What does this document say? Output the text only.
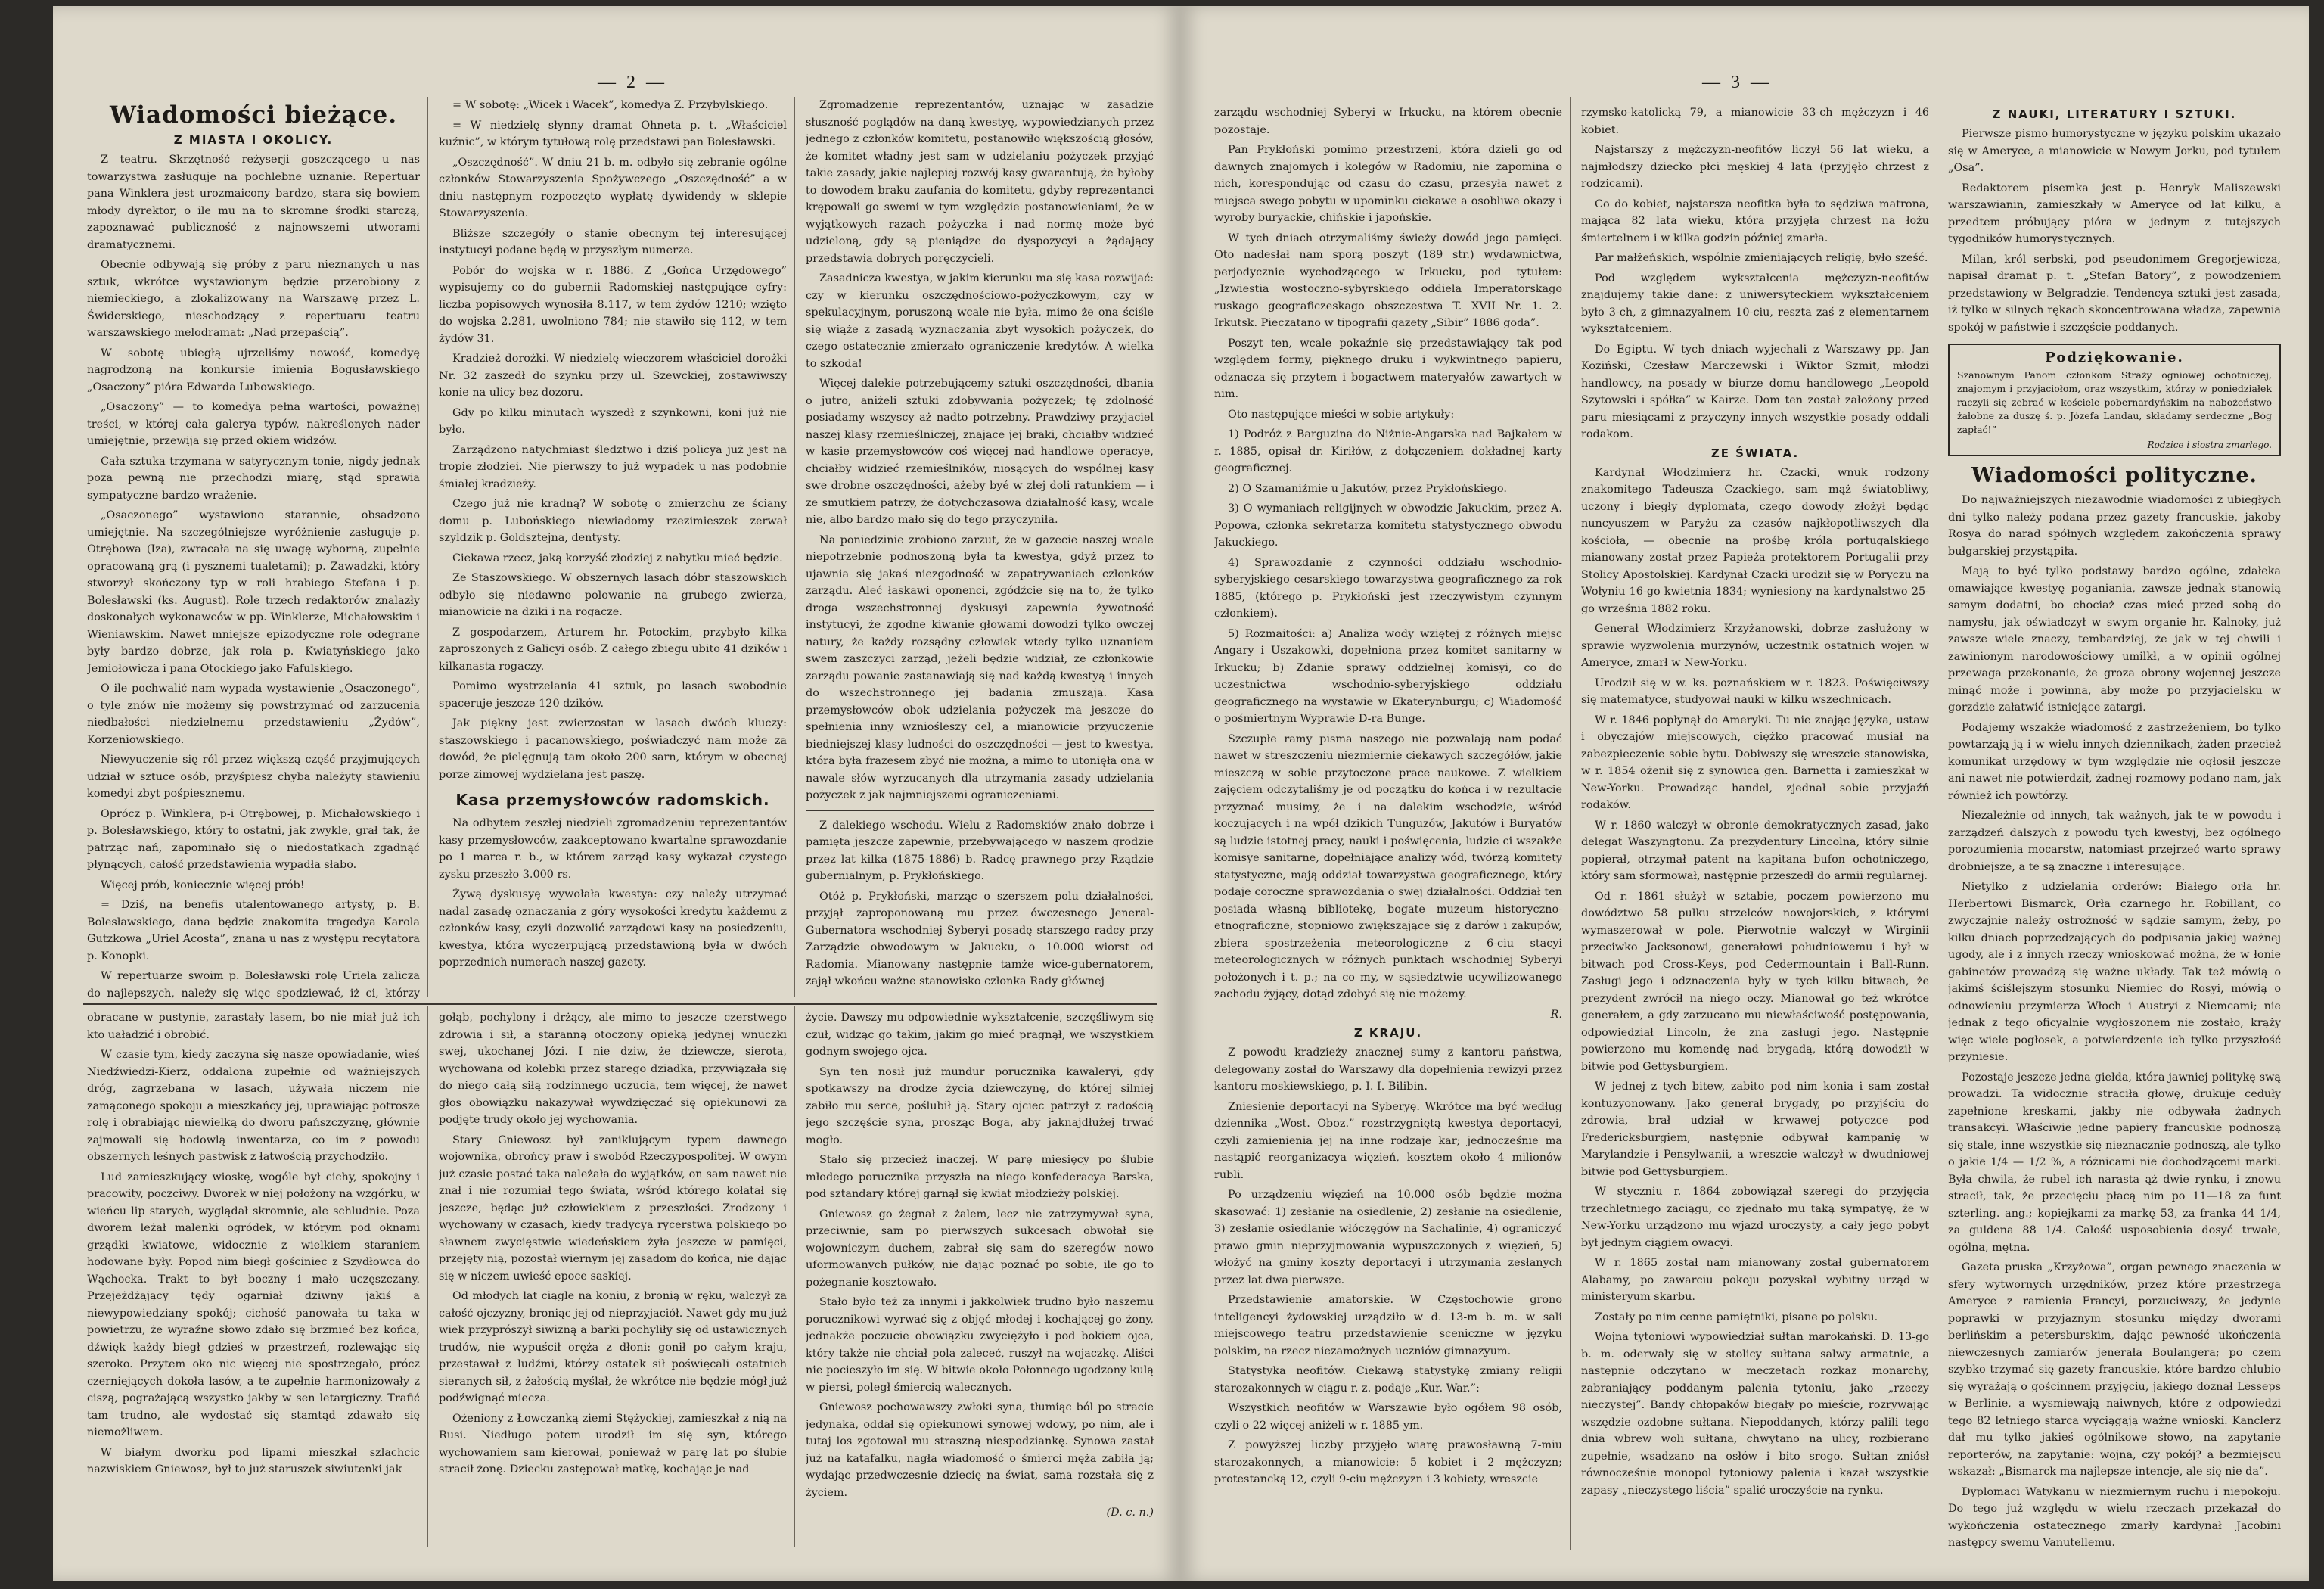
— 2 —
Wiadomości bieżące.
Z MIASTA I OKOLICY.

Z teatru. Skrzętność reżyserji goszczącego u nas towarzystwa zasługuje na pochlebne uznanie. Repertuar pana Winklera jest urozmaicony bardzo, stara się bowiem młody dyrektor, o ile mu na to skromne środki starczą, zapoznawać publiczność z najnowszemi utworami dramatycznemi.

Obecnie odbywają się próby z paru nieznanych u nas sztuk, wkrótce wystawionym będzie przerobiony z niemieckiego, a zlokalizowany na Warszawę przez L. Świderskiego, nieschodzący z repertuaru teatru warszawskiego melodramat: „Nad przepaścią”.

W sobotę ubiegłą ujrzeliśmy nowość, komedyę nagrodzoną na konkursie imienia Bogusławskiego „Osaczony” pióra Edwarda Lubowskiego.

„Osaczony” — to komedya pełna wartości, poważnej treści, w której cała galerya typów, nakreślonych nader umiejętnie, przewija się przed okiem widzów.

Cała sztuka trzymana w satyrycznym tonie, nigdy jednak poza pewną nie przechodzi miarę, stąd sprawia sympatyczne bardzo wrażenie.

„Osaczonego” wystawiono starannie, obsadzono umiejętnie. Na szczególniejsze wyróżnienie zasługuje p. Otrębowa (Iza), zwracała na się uwagę wyborną, zupełnie opracowaną grą (i pysznemi tualetami); p. Zawadzki, który stworzył skończony typ w roli hrabiego Stefana i p. Bolesławski (ks. August). Role trzech redaktorów znalazły doskonałych wykonawców w pp. Winklerze, Michałowskim i Wieniawskim. Nawet mniejsze epizodyczne role odegrane były bardzo dobrze, jak rola p. Kwiatyńskiego jako Jemiołowicza i pana Otockiego jako Fafulskiego.

O ile pochwalić nam wypada wystawienie „Osaczonego”, o tyle znów nie możemy się powstrzymać od zarzucenia niedbałości niedzielnemu przedstawieniu „Żydów”, Korzeniowskiego.

Niewyuczenie się ról przez większą część przyjmujących udział w sztuce osób, przyśpiesz chyba należyty stawieniu komedyi zbyt pośpiesznemu.

Oprócz p. Winklera, p-i Otrębowej, p. Michałowskiego i p. Bolesławskiego, który to ostatni, jak zwykle, grał tak, że patrząc nań, zapominało się o niedostatkach zgadnąć płynących, całość przedstawienia wypadła słabo.

Więcej prób, koniecznie więcej prób!

= Dziś, na benefis utalentowanego artysty, p. B. Bolesławskiego, dana będzie znakomita tragedya Karola Gutzkowa „Uriel Acosta”, znana u nas z występu recytatora p. Konopki.

W repertuarze swoim p. Bolesławski rolę Uriela zalicza do najlepszych, należy się więc spodziewać, iż ci, którzy

= W sobotę: „Wicek i Wacek”, komedya Z. Przybylskiego.

= W niedzielę słynny dramat Ohneta p. t. „Właściciel kuźnic”, w którym tytułową rolę przedstawi pan Bolesławski.

„Oszczędność”. W dniu 21 b. m. odbyło się zebranie ogólne członków Stowarzyszenia Spożywczego „Oszczędność” a w dniu następnym rozpoczęto wypłatę dywidendy w sklepie Stowarzyszenia.

Bliższe szczegóły o stanie obecnym tej interesującej instytucyi podane będą w przyszłym numerze.

Pobór do wojska w r. 1886. Z „Gońca Urzędowego” wypisujemy co do gubernii Radomskiej następujące cyfry: liczba popisowych wynosiła 8.117, w tem żydów 1210; wzięto do wojska 2.281, uwolniono 784; nie stawiło się 112, w tem żydów 31.

Kradzież dorożki. W niedzielę wieczorem właściciel dorożki Nr. 32 zaszedł do szynku przy ul. Szewckiej, zostawiwszy konie na ulicy bez dozoru.

Gdy po kilku minutach wyszedł z szynkowni, koni już nie było.

Zarządzono natychmiast śledztwo i dziś policya już jest na tropie złodziei. Nie pierwszy to już wypadek u nas podobnie śmiałej kradzieży.

Czego już nie kradną? W sobotę o zmierzchu ze ściany domu p. Lubońskiego niewiadomy rzezimieszek zerwał szyldzik p. Goldsztejna, dentysty.

Ciekawa rzecz, jaką korzyść złodziej z nabytku mieć będzie.

Ze Staszowskiego. W obszernych lasach dóbr staszowskich odbyło się niedawno polowanie na grubego zwierza, mianowicie na dziki i na rogacze.

Z gospodarzem, Arturem hr. Potockim, przybyło kilka zaproszonych z Galicyi osób. Z całego zbiegu ubito 41 dzików i kilkanasta rogaczy.

Pomimo wystrzelania 41 sztuk, po lasach swobodnie spaceruje jeszcze 120 dzików.

Jak piękny jest zwierzostan w lasach dwóch kluczy: staszowskiego i pacanowskiego, poświadczyć nam może za dowód, że pielęgnują tam około 200 sarn, którym w obecnej porze zimowej wydzielana jest paszę.

Kasa przemysłowców radomskich.

Na odbytem zeszłej niedzieli zgromadzeniu reprezentantów kasy przemysłowców, zaakceptowano kwartalne sprawozdanie po 1 marca r. b., w którem zarząd kasy wykazał czystego zysku przeszło 3.000 rs.

Żywą dyskusyę wywołała kwestya: czy należy utrzymać nadal zasadę oznaczania z góry wysokości kredytu każdemu z członków kasy, czyli dozwolić zarządowi kasy na posiedzeniu, kwestya, która wyczerpującą przedstawioną była w dwóch poprzednich numerach naszej gazety.

Zgromadzenie reprezentantów, uznając w zasadzie słuszność poglądów na daną kwestyę, wypowiedzianych przez jednego z członków komitetu, postanowiło większością głosów, że komitet władny jest sam w udzielaniu pożyczek przyjąć takie zasady, jakie najlepiej rozwój kasy gwarantują, że byłoby to dowodem braku zaufania do komitetu, gdyby reprezentanci krępowali go swemi w tym względzie postanowieniami, że w wyjątkowych razach pożyczka i nad normę może być udzieloną, gdy są pieniądze do dyspozycyi a żądający przedstawia dobrych poręczycieli.

Zasadnicza kwestya, w jakim kierunku ma się kasa rozwijać: czy w kierunku oszczędnościowo-pożyczkowym, czy w spekulacyjnym, poruszoną wcale nie była, mimo że ona ściśle się wiąże z zasadą wyznaczania zbyt wysokich pożyczek, do czego ostatecznie zmierzało ograniczenie kredytów. A wielka to szkoda!

Więcej dalekie potrzebującemy sztuki oszczędności, dbania o jutro, aniżeli sztuki zdobywania pożyczek; tę zdolność posiadamy wszyscy aż nadto potrzebny. Prawdziwy przyjaciel naszej klasy rzemieślniczej, znające jej braki, chciałby widzieć w kasie przemysłowców coś więcej nad handlowe operacye, chciałby widzieć rzemieślników, niosących do wspólnej kasy swe drobne oszczędności, ażeby byé w złej doli ratunkiem — i ze smutkiem patrzy, że dotychczasowa działalność kasy, wcale nie, albo bardzo mało się do tego przyczyniła.

Na poniedzinie zrobiono zarzut, że w gazecie naszej wcale niepotrzebnie podnoszoną była ta kwestya, gdyż przez to ujawnia się jakaś niezgodność w zapatrywaniach członków zarządu. Aleć łaskawi oponenci, zgódźcie się na to, że tylko droga wszechstronnej dyskusyi zapewnia żywotność instytucyi, że zgodne kiwanie głowami dowodzi tylko owczej natury, że każdy rozsądny człowiek wtedy tylko uznaniem swem zaszczyci zarząd, jeżeli będzie widział, że członkowie zarządu powanie zastanawiają się nad każdą kwestyą i innych do wszechstronnego jej badania zmuszają. Kasa przemysłowców obok udzielania pożyczek ma jeszcze do spełnienia inny wzniośleszy cel, a mianowicie przyuczenie biedniejszej klasy ludności do oszczędności — jest to kwestya, która była frazesem zbyć nie można, a mimo to utonięła ona w nawale słów wyrzucanych dla utrzymania zasady udzielania pożyczek z jak najmniejszemi ograniczeniami.

Z dalekiego wschodu. Wielu z Radomskiów znało dobrze i pamięta jeszcze zapewnie, przebywającego w naszem grodzie przez lat kilka (1875-1886) b. Radcę prawnego przy Rządzie gubernialnym, p. Prykłońskiego.

Otóż p. Prykłoński, marząc o szerszem polu działalności, przyjął zaproponowaną mu przez ówczesnego Jeneral-Gubernatora wschodniej Syberyi posadę starszego radcy przy Zarządzie obwodowym w Jakucku, o 10.000 wiorst od Radomia. Mianowany następnie tamże wice-gubernatorem, zajął wkońcu ważne stanowisko członka Rady głównej

obracane w pustynie, zarastały lasem, bo nie miał już ich kto uaładzić i obrobić.

W czasie tym, kiedy zaczyna się nasze opowiadanie, wieś Niedźwiedzi-Kierz, oddalona zupełnie od ważniejszych dróg, zagrzebana w lasach, używała niczem nie zamąconego spokoju a mieszkańcy jej, uprawiając potrosze rolę i obrabiając niewielką do dworu pańszczyznę, głównie zajmowali się hodowlą inwentarza, co im z powodu obszernych leśnych pastwisk z łatwością przychodziło.

Lud zamieszkujący wioskę, wogóle był cichy, spokojny i pracowity, poczciwy. Dworek w niej położony na wzgórku, w wieńcu lip starych, wyglądał skromnie, ale schludnie. Poza dworem leżał malenki ogródek, w którym pod oknami grządki kwiatowe, widocznie z wielkiem staraniem hodowane były. Popod nim biegł gościniec z Szydłowca do Wąchocka. Trakt to był boczny i mało uczęszczany. Przejeżdżający tędy ogarniał dziwny jakiś a niewypowiedziany spokój; cichość panowała tu taka w powietrzu, że wyraźne słowo zdało się brzmieć bez końca, dźwięk każdy biegł gdzieś w przestrzeń, rozlewając się szeroko. Przytem oko nic więcej nie spostrzegało, prócz czerniejących dokoła lasów, a te zupełnie harmonizowały z ciszą, pograżającą wszystko jakby w sen letargiczny. Trafić tam trudno, ale wydostać się stamtąd zdawało się niemożliwem.

W białym dworku pod lipami mieszkał szlachcic nazwiskiem Gniewosz, był to już staruszek siwiutenki jak

gołąb, pochylony i drżący, ale mimo to jeszcze czerstwego zdrowia i sił, a staranną otoczony opieką jedynej wnuczki swej, ukochanej Józi. I nie dziw, że dziewcze, sierota, wychowana od kolebki przez starego dziadka, przywiązała się do niego całą siłą rodzinnego uczucia, tem więcej, że nawet głos obowiązku nakazywał wywdzięczać się opiekunowi za podjęte trudy około jej wychowania.

Stary Gniewosz był zaniklującym typem dawnego wojownika, obrońcy praw i swobód Rzeczypospolitej. W owym już czasie postać taka należała do wyjątków, on sam nawet nie znał i nie rozumiał tego świata, wśród którego kołatał się jeszcze, będąc już człowiekiem z przeszłości. Zrodzony i wychowany w czasach, kiedy tradycya rycerstwa polskiego po sławnem zwycięstwie wiedeńskiem żyła jeszcze w pamięci, przejęty nią, pozostał wiernym jej zasadom do końca, nie dając się w niczem uwieść epoce saskiej.

Od młodych lat ciągle na koniu, z bronią w ręku, walczył za całość ojczyzny, broniąc jej od nieprzyjaciół. Nawet gdy mu już wiek przyprószył siwizną a barki pochyliły się od ustawicznych trudów, nie wypuścił oręża z dłoni: gonił po całym kraju, przestawał z ludźmi, którzy ostatek sił poświęcali ostatnich sieranych sił, z żałością myślał, że wkrótce nie będzie mógł już podźwignąć miecza.

Ożeniony z Łowczanką ziemi Stężyckiej, zamieszkał z nią na Rusi. Niedługo potem urodził im się syn, którego wychowaniem sam kierował, ponieważ w parę lat po ślubie stracił żonę. Dziecku zastępował matkę, kochając je nad

życie. Dawszy mu odpowiednie wykształcenie, szczęśliwym się czuł, widząc go takim, jakim go mieć pragnął, we wszystkiem godnym swojego ojca.

Syn ten nosił już mundur porucznika kawaleryi, gdy spotkawszy na drodze życia dziewczynę, do której silniej zabiło mu serce, poślubił ją. Stary ojciec patrzył z radością jego szczęście syna, prosząc Boga, aby jaknajdłużej trwać mogło.

Stało się przecież inaczej. W parę miesięcy po ślubie młodego porucznika przyszła na niego konfederacya Barska, pod sztandary której garnął się kwiat młodzieży polskiej.

Gniewosz go żegnał z żalem, lecz nie zatrzymywał syna, przeciwnie, sam po pierwszych sukcesach obwołał się wojowniczym duchem, zabrał się sam do szeregów nowo uformowanych pułków, nie dając poznać po sobie, ile go to pożegnanie kosztowało.

Stało było też za innymi i jakkolwiek trudno było naszemu porucznikowi wyrwać się z objęć młodej i kochającej go żony, jednakże poczucie obowiązku zwyciężyło i pod bokiem ojca, który także nie chciał pola zaleceć, ruszył na wojaczkę. Aliści nie pocieszyło im się. W bitwie około Połonnego ugodzony kulą w piersi, poległ śmiercią walecznych.

Gniewosz pochowawszy zwłoki syna, tłumiąc ból po stracie jedynaka, oddał się opiekunowi synowej wdowy, po nim, ale i tutaj los zgotował mu straszną niespodziankę. Synowa zastał już na katafalku, nagła wiadomość o śmierci męża zabiła ją; wydając przedwczesnie dziecię na świat, sama rozstała się z życiem.

(D. c. n.)

— 3 —

zarządu wschodniej Syberyi w Irkucku, na którem obecnie pozostaje.

Pan Prykłoński pomimo przestrzeni, która dzieli go od dawnych znajomych i kolegów w Radomiu, nie zapomina o nich, korespondując od czasu do czasu, przesyła nawet z miejsca swego pobytu w upominku ciekawe a osobliwe okazy i wyroby buryackie, chińskie i japońskie.

W tych dniach otrzymaliśmy świeży dowód jego pamięci. Oto nadesłał nam sporą poszyt (189 str.) wydawnictwa, perjodycznie wychodzącego w Irkucku, pod tytułem: „Izwiestia wostoczno-sybyrskiego oddiela Imperatorskago ruskago geograficzeskago obszczestwa T. XVII Nr. 1. 2. Irkutsk. Pieczatano w tipografii gazety „Sibir” 1886 goda”.

Poszyt ten, wcale pokaźnie się przedstawiający tak pod względem formy, pięknego druku i wykwintnego papieru, odznacza się przytem i bogactwem materyałów zawartych w nim.

Oto następujące mieści w sobie artykuły:

1) Podróż z Barguzina do Niżnie-Angarska nad Bajkałem w r. 1885, opisał dr. Kiriłów, z dołączeniem dokładnej karty geograficznej.

2) O Szamaniźmie u Jakutów, przez Prykłońskiego.

3) O wymaniach religijnych w obwodzie Jakuckim, przez A. Popowa, członka sekretarza komitetu statystycznego obwodu Jakuckiego.

4) Sprawozdanie z czynności oddziału wschodnio-syberyjskiego cesarskiego towarzystwa geograficznego za rok 1885, (którego p. Prykłoński jest rzeczywistym czynnym członkiem).

5) Rozmaitości: a) Analiza wody wziętej z różnych miejsc Angary i Uszakowki, dopełniona przez komitet sanitarny w Irkucku; b) Zdanie sprawy oddzielnej komisyi, co do uczestnictwa wschodnio-syberyjskiego oddziału geograficznego na wystawie w Ekaterynburgu; c) Wiadomość o pośmiertnym Wyprawie D-ra Bunge.

Szczupłe ramy pisma naszego nie pozwalają nam podać nawet w streszczeniu niezmiernie ciekawych szczegółów, jakie mieszczą w sobie przytoczone prace naukowe. Z wielkiem zajęciem odczytaliśmy je od początku do końca i w rezultacie przyznać musimy, że i na dalekim wschodzie, wśród koczujących i na wpół dzikich Tunguzów, Jakutów i Buryatów są ludzie istotnej pracy, nauki i poświęcenia, ludzie ci wszakże komisye sanitarne, dopełniające analizy wód, twórzą komitety statystyczne, mają oddział towarzystwa geograficznego, który podaje coroczne sprawozdania o swej działalności. Oddział ten posiada własną bibliotekę, bogate muzeum historyczno-etnograficzne, stopniowo zwiększające się z darów i zakupów, zbiera spostrzeżenia meteorologiczne z 6-ciu stacyi meteorologicznych w różnych punktach wschodniej Syberyi położonych i t. p.; na co my, w sąsiedztwie ucywilizowanego zachodu żyjący, dotąd zdobyć się nie możemy.

R.

Z KRAJU.

Z powodu kradzieży znacznej sumy z kantoru państwa, delegowany został do Warszawy dla dopełnienia rewizyi przez kantoru moskiewskiego, p. I. I. Bilibin.

Zniesienie deportacyi na Syberyę. Wkrótce ma być według dziennika „Wost. Oboz.” rozstrzygniętą kwestya deportacyi, czyli zamienienia jej na inne rodzaje kar; jednocześnie ma nastąpić reorganizacya więzień, kosztem około 4 milionów rubli.

Po urządzeniu więzień na 10.000 osób będzie można skasować: 1) zesłanie na osiedlenie, 2) zesłanie na osiedlenie, 3) zesłanie osiedlanie włóczęgów na Sachalinie, 4) ograniczyć prawo gmin nieprzyjmowania wypuszczonych z więzień, 5) włożyć na gminy koszty deportacyi i utrzymania zesłanych przez lat dwa pierwsze.

Przedstawienie amatorskie. W Częstochowie grono inteligencyi żydowskiej urządziło w d. 13-m b. m. w sali miejscowego teatru przedstawienie sceniczne w języku polskim, na rzecz niezamożnych uczniów gimnazyum.

Statystyka neofitów. Ciekawą statystykę zmiany religii starozakonnych w ciągu r. z. podaje „Kur. War.”:

Wszystkich neofitów w Warszawie było ogółem 98 osób, czyli o 22 więcej aniżeli w r. 1885-ym.

Z powyższej liczby przyjęło wiarę prawosławną 7-miu starozakonnych, a mianowicie: 5 kobiet i 2 mężczyzn; protestancką 12, czyli 9-ciu mężczyzn i 3 kobiety, wreszcie

rzymsko-katolicką 79, a mianowicie 33-ch mężczyzn i 46 kobiet.

Najstarszy z mężczyzn-neofitów liczył 56 lat wieku, a najmłodszy dziecko płci męskiej 4 lata (przyjęło chrzest z rodzicami).

Co do kobiet, najstarsza neofitka była to sędziwa matrona, mająca 82 lata wieku, która przyjęła chrzest na łożu śmiertelnem i w kilka godzin później zmarła.

Par małżeńskich, wspólnie zmieniających religię, było sześć.

Pod względem wykształcenia mężczyzn-neofitów znajdujemy takie dane: z uniwersyteckiem wykształceniem było 3-ch, z gimnazyalnem 10-ciu, reszta zaś z elementarnem wykształceniem.

Do Egiptu. W tych dniach wyjechali z Warszawy pp. Jan Koziński, Czesław Marczewski i Wiktor Szmit, młodzi handlowcy, na posady w biurze domu handlowego „Leopold Szytowski i spółka” w Kairze. Dom ten został założony przed paru miesiącami z przyczyny innych wszystkie posady oddali rodakom.

ZE ŚWIATA.

Kardynał Włodzimierz hr. Czacki, wnuk rodzony znakomitego Tadeusza Czackiego, sam mąż światobliwy, uczony i biegły dyplomata, czego dowody złożył będąc nuncyuszem w Paryżu za czasów najkłopotliwszych dla kościoła, — obecnie na prośbę króla portugalskiego mianowany został przez Papieża protektorem Portugalii przy Stolicy Apostolskiej. Kardynał Czacki urodził się w Poryczu na Wołyniu 16-go kwietnia 1834; wyniesiony na kardynalstwo 25-go września 1882 roku.

Generał Włodzimierz Krzyżanowski, dobrze zasłużony w sprawie wyzwolenia murzynów, uczestnik ostatnich wojen w Ameryce, zmarł w New-Yorku.

Urodził się w w. ks. poznańskiem w r. 1823. Poświęciwszy się matematyce, studyował nauki w kilku wszechnicach.

W r. 1846 popłynął do Ameryki. Tu nie znając języka, ustaw i obyczajów miejscowych, ciężko pracować musiał na zabezpieczenie sobie bytu. Dobiwszy się wreszcie stanowiska, w r. 1854 ożenił się z synowicą gen. Barnetta i zamieszkał w New-Yorku. Prowadząc handel, zjednał sobie przyjaźń rodaków.

W r. 1860 walczył w obronie demokratycznych zasad, jako delegat Waszyngtonu. Za prezydentury Lincolna, który silnie popierał, otrzymał patent na kapitana bufon ochotniczego, który sam sformował, następnie przeszedł do armii regularnej.

Od r. 1861 służył w sztabie, poczem powierzono mu dowództwo 58 pułku strzelców nowojorskich, z którymi wymaszerował w pole. Pierwotnie walczył w Wirginii przeciwko Jacksonowi, generałowi południowemu i był w bitwach pod Cross-Keys, pod Cedermountain i Ball-Runn. Zasługi jego i odznaczenia były w tych kilku bitwach, że prezydent zwrócił na niego oczy. Mianował go też wkrótce generałem, a gdy zarzucano mu niewłaściwość postępowania, odpowiedział Lincoln, że zna zasługi jego. Następnie powierzono mu komendę nad brygadą, którą dowodził w bitwie pod Gettysburgiem.

W jednej z tych bitew, zabito pod nim konia i sam został kontuzyonowany. Jako generał brygady, po przyjściu do zdrowia, brał udział w krwawej potyczce pod Fredericksburgiem, następnie odbywał kampanię w Marylandzie i Pensylwanii, a wreszcie walczył w dwudniowej bitwie pod Gettysburgiem.

W styczniu r. 1864 zobowiązał szeregi do przyjęcia trzechletniego zaciągu, co zjednało mu taką sympatyę, że w New-Yorku urządzono mu wjazd uroczysty, a cały jego pobyt był jednym ciągiem owacyi.

W r. 1865 został nam mianowany został gubernatorem Alabamy, po zawarciu pokoju pozyskał wybitny urząd w ministeryum skarbu.

Zostały po nim cenne pamiętniki, pisane po polsku.

Wojna tytoniowi wypowiedział sułtan marokański. D. 13-go b. m. oderwały się w stolicy sułtana salwy armatnie, a następnie odczytano w meczetach rozkaz monarchy, zabraniający poddanym palenia tytoniu, jako „rzeczy nieczystej”. Bandy chłopaków biegały po mieście, rozrywając wszędzie ozdobne sułtana. Niepoddanych, którzy palili tego dnia wbrew woli sułtana, chwytano na ulicy, rozbierano zupełnie, wsadzano na osłów i bito srogo. Sułtan zniósł równocześnie monopol tytoniowy palenia i kazał wszystkie zapasy „nieczystego liścia” spalić uroczyście na rynku.

Z NAUKI, LITERATURY I SZTUKI.

Pierwsze pismo humorystyczne w języku polskim ukazało się w Ameryce, a mianowicie w Nowym Jorku, pod tytułem „Osa”.

Redaktorem pisemka jest p. Henryk Maliszewski warszawianin, zamieszkały w Ameryce od lat kilku, a przedtem próbujący pióra w jednym z tutejszych tygodników humorystycznych.

Milan, król serbski, pod pseudonimem Gregorjewicza, napisał dramat p. t. „Stefan Batory”, z powodzeniem przedstawiony w Belgradzie. Tendencya sztuki jest zasada, iż tylko w silnych rękach skoncentrowana władza, zapewnia spokój w państwie i szczęście poddanych.

Podziękowanie.
Szanownym Panom członkom Straży ogniowej ochotniczej, znajomym i przyjaciołom, oraz wszystkim, którzy w poniedziałek raczyli się zebrać w kościele pobernardyńskim na nabożeństwo żałobne za duszę ś. p. Józefa Landau, składamy serdeczne „Bóg zapłać!”
Rodzice i siostra zmarłego.
Wiadomości polityczne.

Do najważniejszych niezawodnie wiadomości z ubiegłych dni tylko należy podana przez gazety francuskie, jakoby Rosya do narad spółnych względem zakończenia sprawy bułgarskiej przystąpiła.

Mają to być tylko podstawy bardzo ogólne, zdałeka omawiające kwestyę poganiania, zawsze jednak stanowią samym dodatni, bo chociaż czas mieć przed sobą do namysłu, jak oświadczył w swym organie hr. Kalnoky, już zawsze wiele znaczy, tembardziej, że jak w tej chwili i zawinionym narodowościowy umilkł, a w opinii ogólnej przewaga przekonanie, że groza obrony wojennej jeszcze minąć może i powinna, aby może po przyjacielsku w gorzdzie załatwić istniejące zatargi.

Podajemy wszakże wiadomość z zastrzeżeniem, bo tylko powtarzają ją i w wielu innych dziennikach, żaden przecież komunikat urzędowy w tym względzie nie ogłosił jeszcze ani nawet nie potwierdził, żadnej rozmowy podano nam, jak również ich powtórzy.

Niezależnie od innych, tak ważnych, jak te w powodu i zarządzeń dalszych z powodu tych kwestyj, bez ogólnego porozumienia mocarstw, natomiast przejrzeć warto sprawy drobniejsze, a te są znaczne i interesujące.

Nietylko z udzielania orderów: Białego orła hr. Herbertowi Bismarck, Orła czarnego hr. Robillant, co zwyczajnie należy ostrożność w sądzie samym, żeby, po kilku dniach poprzedzających do podpisania jakiej ważnej ugody, ale i z innych rzeczy wnioskować można, że w łonie gabinetów prowadzą się ważne układy. Tak też mówią o jakimś ściślejszym stosunku Niemiec do Rosyi, mówią o odnowieniu przymierza Włoch i Austryi z Niemcami; nie jednak z tego oficyalnie wygłoszonem nie zostało, krąży więc wiele pogłosek, a potwierdzenie ich tylko przyszłość przyniesie.

Pozostaje jeszcze jedna giełda, która jawniej politykę swą prowadzi. Ta widocznie straciła głowę, drukuje ceduły zapełnione kreskami, jakby nie odbywała żadnych transakcyi. Właściwie jedne papiery francuskie podnoszą się stale, inne wszystkie się nieznacznie podnoszą, ale tylko o jakie 1/4 — 1/2 %, a różnicami nie dochodzącemi marki. Była chwila, że rubel ich narasta ąż dwie rynku, i znowu stracił, tak, że przecięciu płacą nim po 11—18 za funt szterling. ang.; kopiejkami za markę 53, za franka 44 1/4, za guldena 88 1/4. Całość usposobienia dosyć trwałe, ogólna, mętna.

Gazeta pruska „Krzyżowa”, organ pewnego znaczenia w sfery wytwornych urzędników, przez które przestrzega Ameryce z ramienia Francyi, porzuciwszy, że jedynie poprawki w przyjaznym stosunku między dworami berlińskim a petersburskim, dając pewność ukończenia niewczesnych zamiarów jenerała Boulangera; po czem szybko trzymać się gazety francuskie, które bardzo chlubio się wyrażają o gościnnem przyjęciu, jakiego doznał Lesseps w Berlinie, a wysmiewają naiwnych, które z odpowiedzi tego 82 letniego starca wyciągają ważne wnioski. Kanclerz dał mu tylko jakieś ogólnikowe słowo, na zapytanie reporterów, na zapytanie: wojna, czy pokój? a bezmiejscu wskazał: „Bismarck ma najlepsze intencje, ale się nie da”.

Dyplomaci Watykanu w niezmiernym ruchu i niepokoju. Do tego już względu w wielu rzeczach przekazał do wykończenia ostatecznego zmarły kardynał Jacobini następcy swemu Vanutellemu.
